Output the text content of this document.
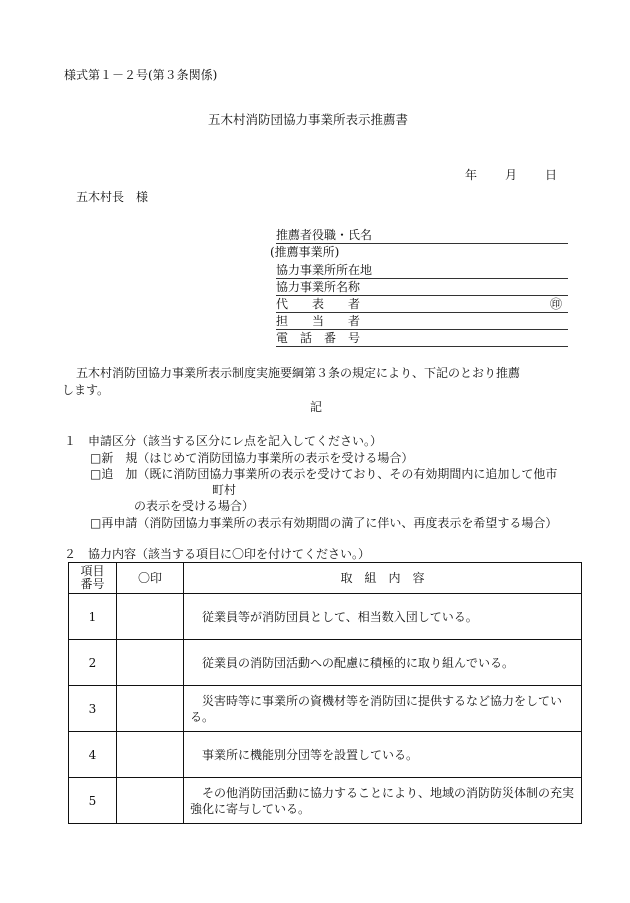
様式第１－２号(第３条関係)
五木村消防団協力事業所表示推薦書
年 月 日
五木村長　様
推薦者役職・氏名
(推薦事業所)
協力事業所所在地
協力事業所名称
代　　表　　者	㊞
担　　当　　者
電　話　番　号
五木村消防団協力事業所表示制度実施要綱第３条の規定により、下記のとおり推薦
します。
記
１　申請区分（該当する区分にレ点を記入してください。）
□新　規（はじめて消防団協力事業所の表示を受ける場合）
□追　加（既に消防団協力事業所の表示を受けており、その有効期間内に追加して他市
町村
の表示を受ける場合）
□再申請（消防団協力事業所の表示有効期間の満了に伴い、再度表示を希望する場合）
２　協力内容（該当する項目に〇印を付けてください。）
項目
番号	〇印	取　組　内　容
1		従業員等が消防団員として、相当数入団している。
2		従業員の消防団活動への配慮に積極的に取り組んでいる。
3		災害時等に事業所の資機材等を消防団に提供するなど協力をしている。
4		事業所に機能別分団等を設置している。
5		その他消防団活動に協力することにより、地域の消防防災体制の充実強化に寄与している。
